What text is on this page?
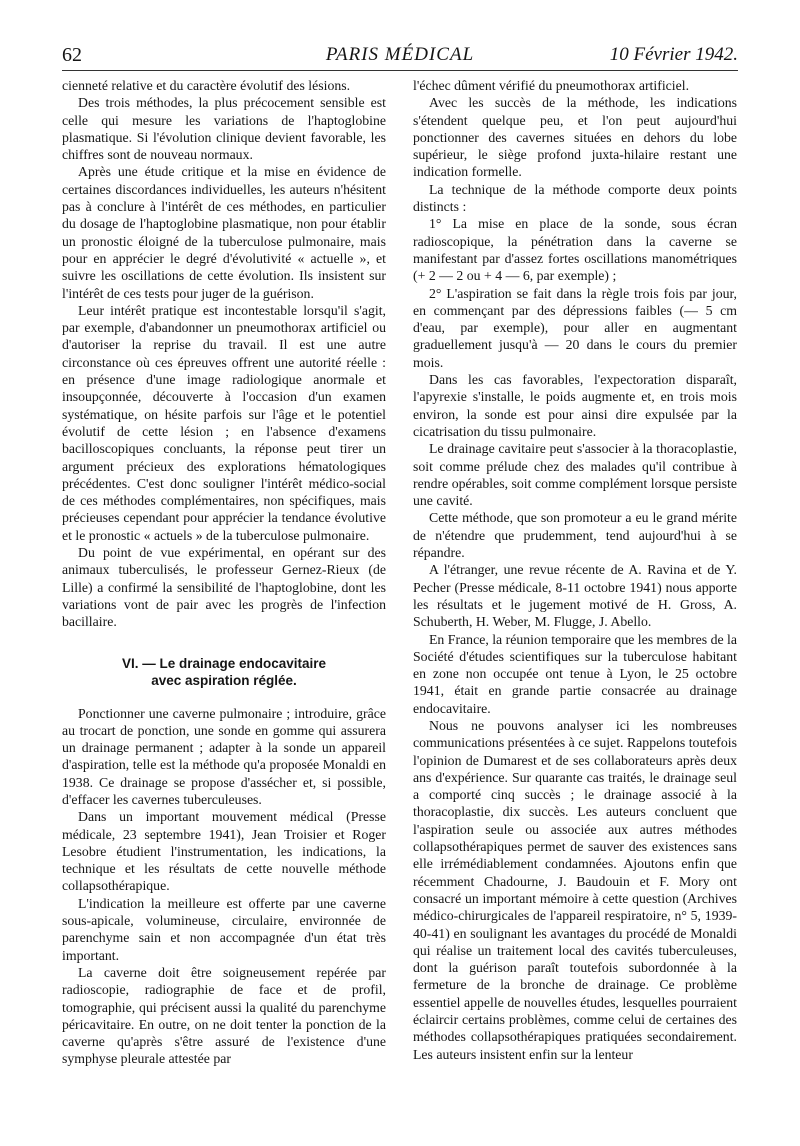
62	PARIS MÉDICAL	10 Février 1942.

cienneté relative et du caractère évolutif des lésions.

Des trois méthodes, la plus précocement sensible est celle qui mesure les variations de l'haptoglobine plasmatique. Si l'évolution clinique devient favorable, les chiffres sont de nouveau normaux.

Après une étude critique et la mise en évidence de certaines discordances individuelles, les auteurs n'hésitent pas à conclure à l'intérêt de ces méthodes, en particulier du dosage de l'haptoglobine plasmatique, non pour établir un pronostic éloigné de la tuberculose pulmonaire, mais pour en apprécier le degré d'évolutivité « actuelle », et suivre les oscillations de cette évolution. Ils insistent sur l'intérêt de ces tests pour juger de la guérison.

Leur intérêt pratique est incontestable lorsqu'il s'agit, par exemple, d'abandonner un pneumothorax artificiel ou d'autoriser la reprise du travail. Il est une autre circonstance où ces épreuves offrent une autorité réelle : en présence d'une image radiologique anormale et insoupçonnée, découverte à l'occasion d'un examen systématique, on hésite parfois sur l'âge et le potentiel évolutif de cette lésion ; en l'absence d'examens bacilloscopiques concluants, la réponse peut tirer un argument précieux des explorations hématologiques précédentes. C'est donc souligner l'intérêt médico-social de ces méthodes complémentaires, non spécifiques, mais précieuses cependant pour apprécier la tendance évolutive et le pronostic « actuels » de la tuberculose pulmonaire.

Du point de vue expérimental, en opérant sur des animaux tuberculisés, le professeur Gernez-Rieux (de Lille) a confirmé la sensibilité de l'haptoglobine, dont les variations vont de pair avec les progrès de l'infection bacillaire.

VI. — Le drainage endocavitaire
avec aspiration réglée.

Ponctionner une caverne pulmonaire ; introduire, grâce au trocart de ponction, une sonde en gomme qui assurera un drainage permanent ; adapter à la sonde un appareil d'aspiration, telle est la méthode qu'a proposée Monaldi en 1938. Ce drainage se propose d'assécher et, si possible, d'effacer les cavernes tuberculeuses.

Dans un important mouvement médical (Presse médicale, 23 septembre 1941), Jean Troisier et Roger Lesobre étudient l'instrumentation, les indications, la technique et les résultats de cette nouvelle méthode collapsothérapique.

L'indication la meilleure est offerte par une caverne sous-apicale, volumineuse, circulaire, environnée de parenchyme sain et non accompagnée d'un état très important.

La caverne doit être soigneusement repérée par radioscopie, radiographie de face et de profil, tomographie, qui précisent aussi la qualité du parenchyme péricavitaire. En outre, on ne doit tenter la ponction de la caverne qu'après s'être assuré de l'existence d'une symphyse pleurale attestée par

l'échec dûment vérifié du pneumothorax artificiel.

Avec les succès de la méthode, les indications s'étendent quelque peu, et l'on peut aujourd'hui ponctionner des cavernes situées en dehors du lobe supérieur, le siège profond juxta-hilaire restant une indication formelle.

La technique de la méthode comporte deux points distincts :

1° La mise en place de la sonde, sous écran radioscopique, la pénétration dans la caverne se manifestant par d'assez fortes oscillations manométriques (+ 2 — 2 ou + 4 — 6, par exemple) ;

2° L'aspiration se fait dans la règle trois fois par jour, en commençant par des dépressions faibles (— 5 cm d'eau, par exemple), pour aller en augmentant graduellement jusqu'à — 20 dans le cours du premier mois.

Dans les cas favorables, l'expectoration disparaît, l'apyrexie s'installe, le poids augmente et, en trois mois environ, la sonde est pour ainsi dire expulsée par la cicatrisation du tissu pulmonaire.

Le drainage cavitaire peut s'associer à la thoracoplastie, soit comme prélude chez des malades qu'il contribue à rendre opérables, soit comme complément lorsque persiste une cavité.

Cette méthode, que son promoteur a eu le grand mérite de n'étendre que prudemment, tend aujourd'hui à se répandre.

A l'étranger, une revue récente de A. Ravina et de Y. Pecher (Presse médicale, 8-11 octobre 1941) nous apporte les résultats et le jugement motivé de H. Gross, A. Schuberth, H. Weber, M. Flugge, J. Abello.

En France, la réunion temporaire que les membres de la Société d'études scientifiques sur la tuberculose habitant en zone non occupée ont tenue à Lyon, le 25 octobre 1941, était en grande partie consacrée au drainage endocavitaire.

Nous ne pouvons analyser ici les nombreuses communications présentées à ce sujet. Rappelons toutefois l'opinion de Dumarest et de ses collaborateurs après deux ans d'expérience. Sur quarante cas traités, le drainage seul a comporté cinq succès ; le drainage associé à la thoracoplastie, dix succès. Les auteurs concluent que l'aspiration seule ou associée aux autres méthodes collapsothérapiques permet de sauver des existences sans elle irrémédiablement condamnées. Ajoutons enfin que récemment Chadourne, J. Baudouin et F. Mory ont consacré un important mémoire à cette question (Archives médico-chirurgicales de l'appareil respiratoire, n° 5, 1939-40-41) en soulignant les avantages du procédé de Monaldi qui réalise un traitement local des cavités tuberculeuses, dont la guérison paraît toutefois subordonnée à la fermeture de la bronche de drainage. Ce problème essentiel appelle de nouvelles études, lesquelles pourraient éclaircir certains problèmes, comme celui de certaines des méthodes collapsothérapiques pratiquées secondairement. Les auteurs insistent enfin sur la lenteur
